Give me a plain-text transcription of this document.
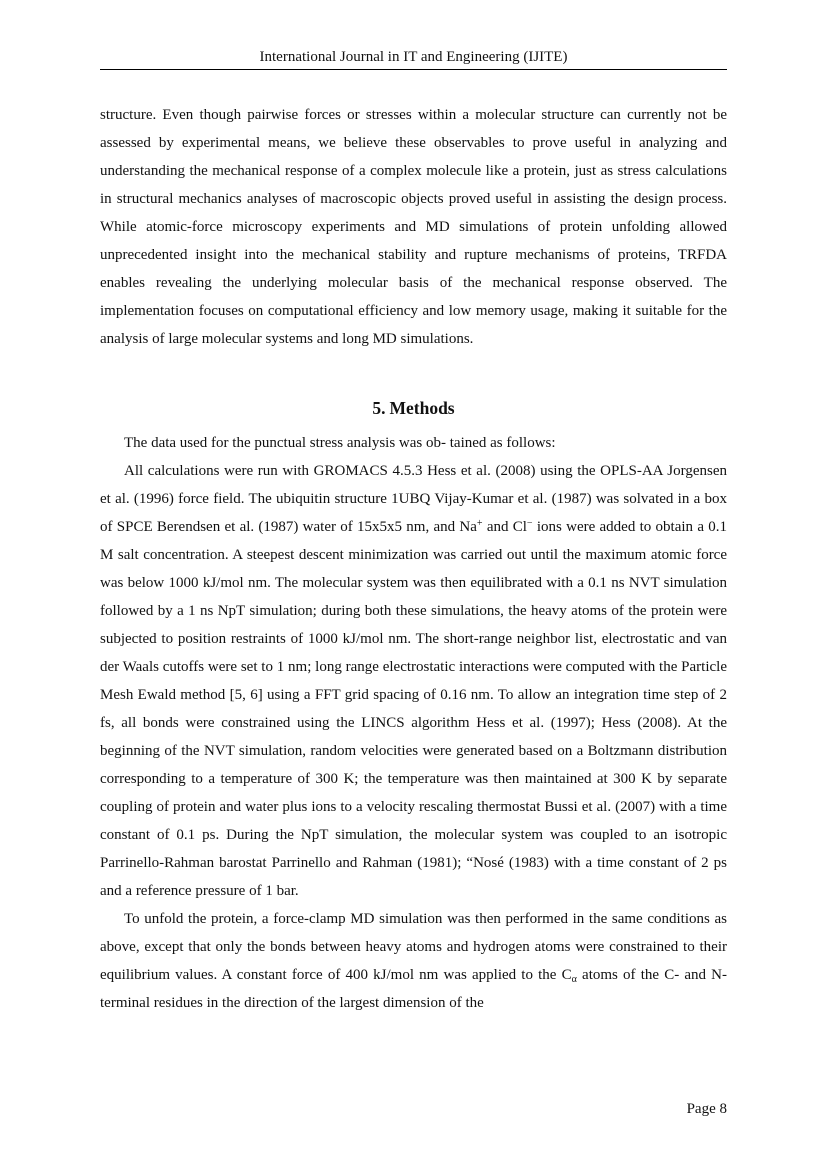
International Journal in IT and Engineering (IJITE)

structure. Even though pairwise forces or stresses within a molecular structure can currently not be assessed by experimental means, we believe these observables to prove useful in analyzing and understanding the mechanical response of a complex molecule like a protein, just as stress calculations in structural mechanics analyses of macroscopic objects proved useful in assisting the design process. While atomic-force microscopy experiments and MD simulations of protein unfolding allowed unprecedented insight into the mechanical stability and rupture mechanisms of proteins, TRFDA enables revealing the underlying molecular basis of the mechanical response observed. The implementation focuses on computational efficiency and low memory usage, making it suitable for the analysis of large molecular systems and long MD simulations.

5. Methods

The data used for the punctual stress analysis was ob- tained as follows:

All calculations were run with GROMACS 4.5.3 Hess et al. (2008) using the OPLS-AA Jorgensen et al. (1996) force field. The ubiquitin structure 1UBQ Vijay-Kumar et al. (1987) was solvated in a box of SPCE Berendsen et al. (1987) water of 15x5x5 nm, and Na+ and Cl− ions were added to obtain a 0.1 M salt concentration. A steepest descent minimization was carried out until the maximum atomic force was below 1000 kJ/mol nm. The molecular system was then equilibrated with a 0.1 ns NVT simulation followed by a 1 ns NpT simulation; during both these simulations, the heavy atoms of the protein were subjected to position restraints of 1000 kJ/mol nm. The short-range neighbor list, electrostatic and van der Waals cutoffs were set to 1 nm; long range electrostatic interactions were computed with the Particle Mesh Ewald method [5, 6] using a FFT grid spacing of 0.16 nm. To allow an integration time step of 2 fs, all bonds were constrained using the LINCS algorithm Hess et al. (1997); Hess (2008). At the beginning of the NVT simulation, random velocities were generated based on a Boltzmann distribution corresponding to a temperature of 300 K; the temperature was then maintained at 300 K by separate coupling of protein and water plus ions to a velocity rescaling thermostat Bussi et al. (2007) with a time constant of 0.1 ps. During the NpT simulation, the molecular system was coupled to an isotropic Parrinello-Rahman barostat Parrinello and Rahman (1981); “Nosé (1983) with a time constant of 2 ps and a reference pressure of 1 bar.

To unfold the protein, a force-clamp MD simulation was then performed in the same conditions as above, except that only the bonds between heavy atoms and hydrogen atoms were constrained to their equilibrium values. A constant force of 400 kJ/mol nm was applied to the $C_\alpha$ atoms of the C- and N-terminal residues in the direction of the largest dimension of the

Page 8
